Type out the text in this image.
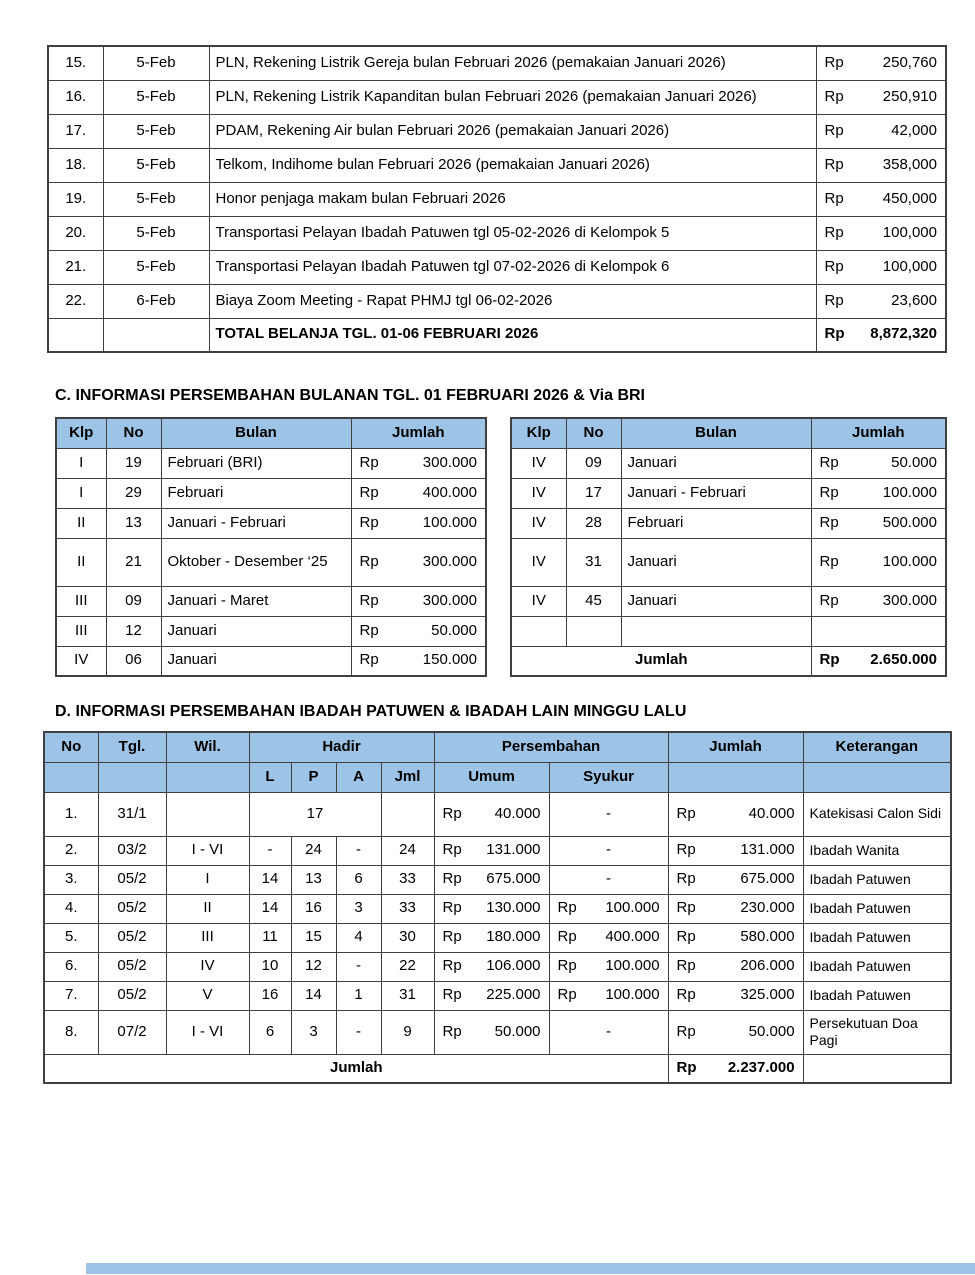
15.	5-Feb	PLN, Rekening Listrik Gereja bulan Februari 2026 (pemakaian Januari 2026)	Rp 250,760

16.	5-Feb	PLN, Rekening Listrik Kapanditan bulan Februari 2026 (pemakaian Januari 2026)	Rp 250,910

17.	5-Feb	PDAM, Rekening Air bulan Februari 2026 (pemakaian Januari 2026)	Rp 42,000

18.	5-Feb	Telkom, Indihome bulan Februari 2026 (pemakaian Januari 2026)	Rp 358,000

19.	5-Feb	Honor penjaga makam bulan Februari 2026	Rp 450,000

20.	5-Feb	Transportasi Pelayan Ibadah Patuwen tgl 05-02-2026 di Kelompok 5	Rp 100,000

21.	5-Feb	Transportasi Pelayan Ibadah Patuwen tgl 07-02-2026 di Kelompok 6	Rp 100,000

22.	6-Feb	Biaya Zoom Meeting - Rapat PHMJ tgl 06-02-2026	Rp 23,600

		TOTAL BELANJA TGL. 01-06 FEBRUARI 2026	Rp 8,872,320
C. INFORMASI PERSEMBAHAN BULANAN TGL. 01 FEBRUARI 2026 & Via BRI
Klp	No	Bulan	Jumlah
I	19	Februari (BRI)	Rp 300.000

I	29	Februari	Rp 400.000

II	13	Januari - Februari	Rp 100.000

II	21	Oktober - Desember ‘25	Rp 300.000

III	09	Januari - Maret	Rp 300.000

III	12	Januari	Rp 50.000

IV	06	Januari	Rp 150.000
Klp	No	Bulan	Jumlah
IV	09	Januari	Rp 50.000

IV	17	Januari - Februari	Rp 100.000

IV	28	Februari	Rp 500.000

IV	31	Januari	Rp 100.000

IV	45	Januari	Rp 300.000

Jumlah			Rp 2.650.000
D. INFORMASI PERSEMBAHAN IBADAH PATUWEN & IBADAH LAIN MINGGU LALU
No	Tgl.	Wil.	Hadir				Persembahan		Jumlah	Keterangan
			L	P	A	Jml	Umum	Syukur		
1.	31/1		17				Rp 40.000	-	Rp 40.000	Katekisasi Calon Sidi
2.	03/2	I - VI	-	24	-	24	Rp 131.000	-	Rp 131.000	Ibadah Wanita
3.	05/2	I	14	13	6	33	Rp 675.000	-	Rp 675.000	Ibadah Patuwen
4.	05/2	II	14	16	3	33	Rp 130.000	Rp 100.000	Rp 230.000	Ibadah Patuwen
5.	05/2	III	11	15	4	30	Rp 180.000	Rp 400.000	Rp 580.000	Ibadah Patuwen
6.	05/2	IV	10	12	-	22	Rp 106.000	Rp 100.000	Rp 206.000	Ibadah Patuwen
7.	05/2	V	16	14	1	31	Rp 225.000	Rp 100.000	Rp 325.000	Ibadah Patuwen
8.	07/2	I - VI	6	3	-	9	Rp 50.000	-	Rp 50.000	Persekutuan Doa Pagi
Jumlah									Rp 2.237.000	
